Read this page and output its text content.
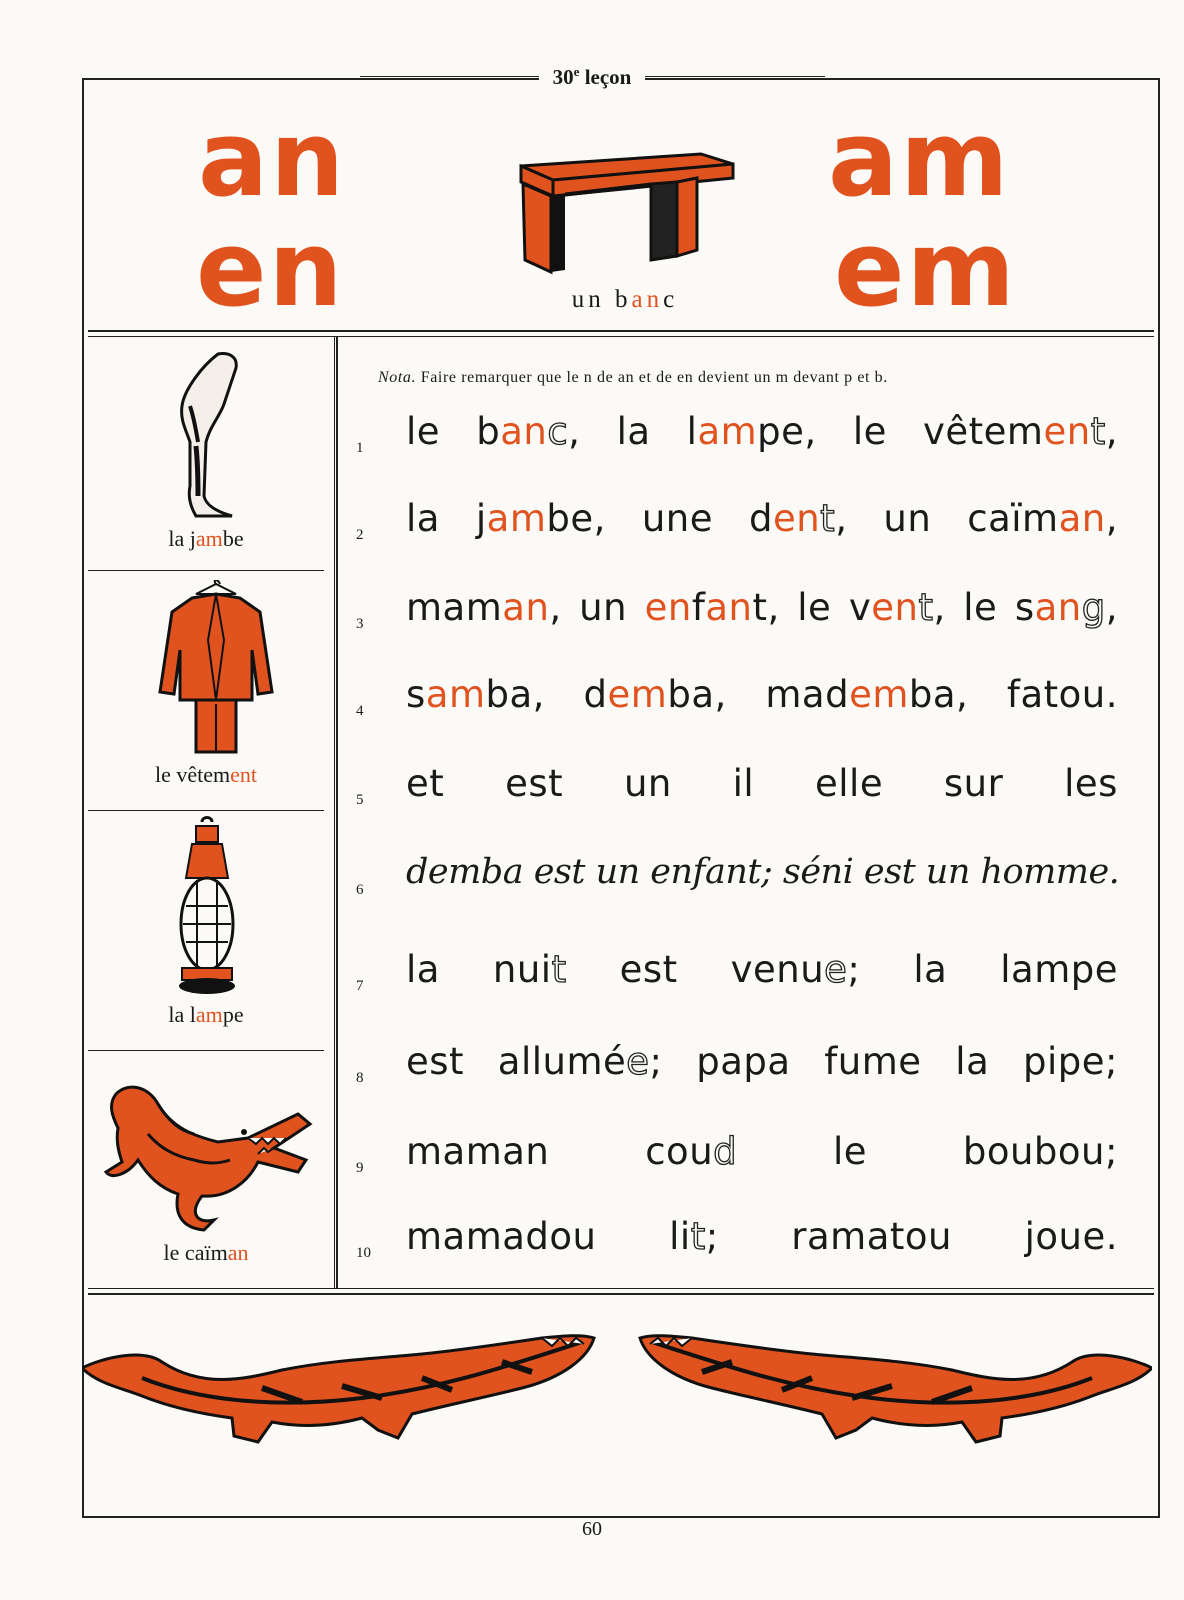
30e leçon
an
en
am
em
un banc
la jambe
le vêtement
la lampe
le caïman
Nota. Faire remarquer que le n de an et de en devient un m devant p et b.
1 le banc, la lampe, le vêtement,
2 la jambe, une dent, un caïman,
3 maman, un enfant, le vent, le sang,
4 samba, demba, mademba, fatou.
5 et est un il elle sur les
6 demba est un enfant; séni est un homme.
7 la nuit est venue; la lampe
8 est allumée; papa fume la pipe;
9 maman	coud	le	boubou;
10 mamadou lit; ramatou joue.
60
